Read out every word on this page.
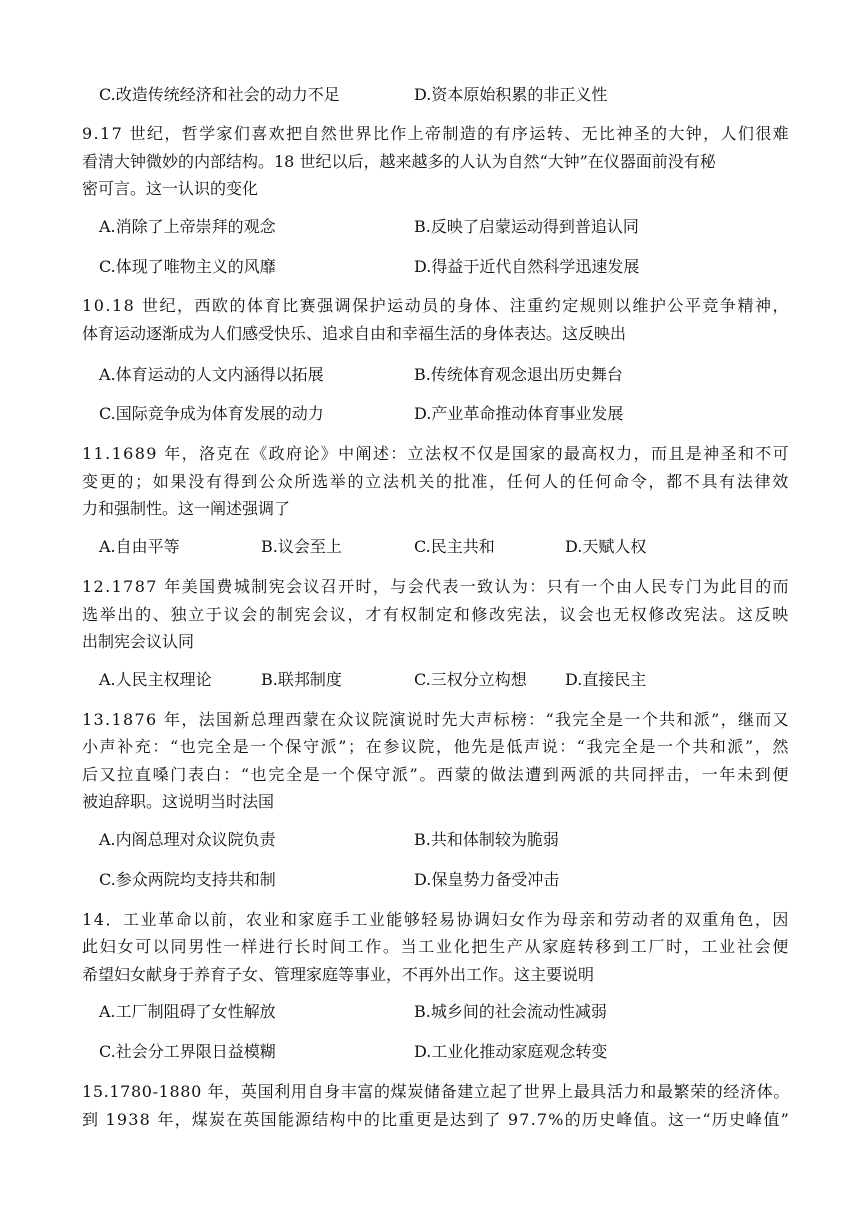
C.改造传统经济和社会的动力不足	D.资本原始积累的非正义性
9.17 世纪，哲学家们喜欢把自然世界比作上帝制造的有序运转、无比神圣的大钟，人们很难
看清大钟微妙的内部结构。18 世纪以后，越来越多的人认为自然“大钟”在仪器面前没有秘
密可言。这一认识的变化
A.消除了上帝崇拜的观念	B.反映了启蒙运动得到普追认同
C.体现了唯物主义的风靡	D.得益于近代自然科学迅速发展
10.18 世纪，西欧的体育比赛强调保护运动员的身体、注重约定规则以维护公平竞争精神，
体育运动逐渐成为人们感受快乐、追求自由和幸福生活的身体表达。这反映出
A.体育运动的人文内涵得以拓展	B.传统体育观念退出历史舞台
C.国际竞争成为体育发展的动力	D.产业革命推动体育事业发展
11.1689 年，洛克在《政府论》中阐述：立法权不仅是国家的最高权力，而且是神圣和不可
变更的；如果没有得到公众所选举的立法机关的批准，任何人的任何命令，都不具有法律效
力和强制性。这一阐述强调了
A.自由平等	B.议会至上	C.民主共和	D.天赋人权
12.1787 年美国费城制宪会议召开时，与会代表一致认为：只有一个由人民专门为此目的而
选举出的、独立于议会的制宪会议，才有权制定和修改宪法，议会也无权修改宪法。这反映
出制宪会议认同
A.人民主权理论	B.联邦制度	C.三权分立构想 D.直接民主
13.1876 年，法国新总理西蒙在众议院演说时先大声标榜：“我完全是一个共和派”，继而又
小声补充：“也完全是一个保守派”；在参议院，他先是低声说：“我完全是一个共和派”，然
后又拉直嗓门表白：“也完全是一个保守派”。西蒙的做法遭到两派的共同抨击，一年未到便
被迫辞职。这说明当时法国
A.内阁总理对众议院负责	B.共和体制较为脆弱
C.参众两院均支持共和制	D.保皇势力备受冲击
14．工业革命以前，农业和家庭手工业能够轻易协调妇女作为母亲和劳动者的双重角色，因
此妇女可以同男性一样进行长时间工作。当工业化把生产从家庭转移到工厂时，工业社会便
希望妇女献身于养育子女、管理家庭等事业，不再外出工作。这主要说明
A.工厂制阻碍了女性解放	B.城乡间的社会流动性减弱
C.社会分工界限日益模糊	D.工业化推动家庭观念转变
15.1780-1880 年，英国利用自身丰富的煤炭储备建立起了世界上最具活力和最繁荣的经济体。
到 1938 年，煤炭在英国能源结构中的比重更是达到了 97.7%的历史峰值。这一“历史峰值”
